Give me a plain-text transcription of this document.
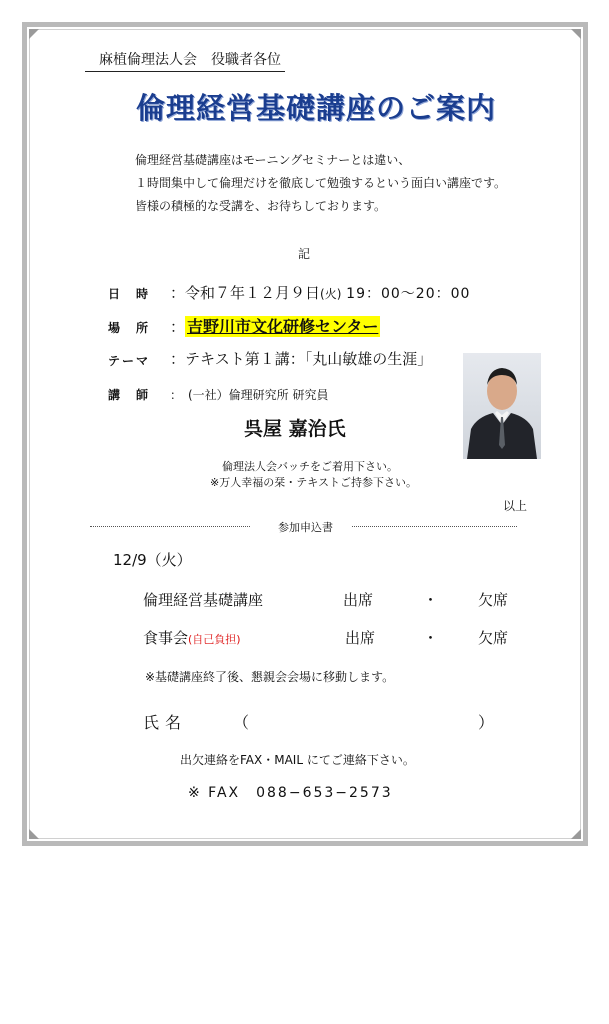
麻植倫理法人会　役職者各位
倫理経営基礎講座のご案内
倫理経営基礎講座はモーニングセミナーとは違い、
１時間集中して倫理だけを徹底して勉強するという面白い講座です。
皆様の積極的な受講を、お待ちしております。
記
日　時 ：令和７年１２月９日(火) 19：00〜20：00
場　所 ： 吉野川市文化研修センター
テーマ ：テキスト第１講：「丸山敏雄の生涯」
講　師 ：　(一社）倫理研究所 研究員
呉屋 嘉治氏
倫理法人会バッチをご着用下さい。
※万人幸福の栞・テキストご持参下さい。
以上
参加申込書
12/9（火）
倫理経営基礎講座	出席	・	欠席
食事会(自己負担)	出席	・	欠席
※基礎講座終了後、懇親会会場に移動します。
氏名	（	）
出欠連絡をFAX・MAIL にてご連絡下さい。
※ FAX　088−653−2573
